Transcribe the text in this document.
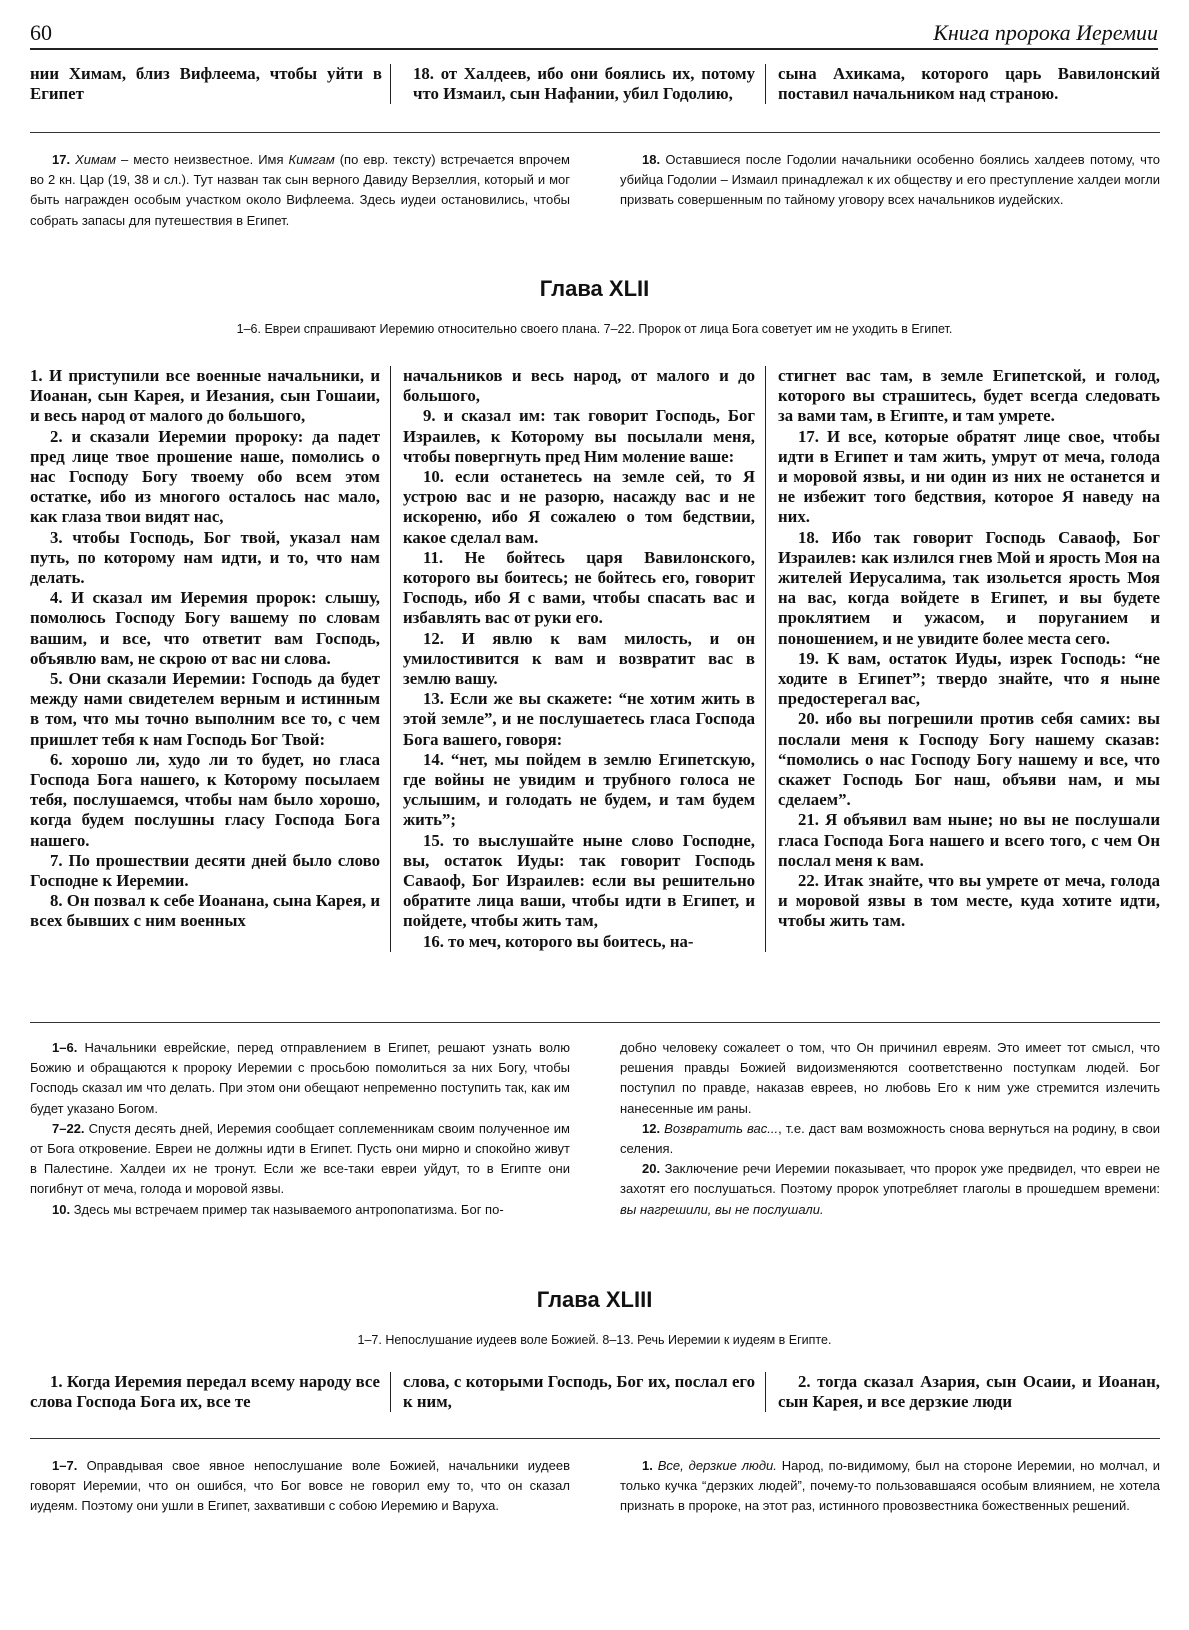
60	Книга пророка Иеремии

нии Химам, близ Вифлеема, чтобы уйти в Египет

18. от Халдеев, ибо они боялись их, потому что Измаил, сын Нафании, убил Годолию,

сына Ахикама, которого царь Вавилонский поставил начальником над страною.

17. Химам – место неизвестное. Имя Кимгам (по евр. тексту) встречается впрочем во 2 кн. Цар (19, 38 и сл.). Тут назван так сын верного Давиду Верзеллия, который и мог быть награжден особым участком около Вифлеема. Здесь иудеи остановились, чтобы собрать запасы для путешествия в Египет.

18. Оставшиеся после Годолии начальники особенно боялись халдеев потому, что убийца Годолии – Измаил принадлежал к их обществу и его преступление халдеи могли призвать совершенным по тайному уговору всех начальников иудейских.

Глава XLII
1–6. Евреи спрашивают Иеремию относительно своего плана. 7–22. Пророк от лица Бога советует им не уходить в Египет.

1. И приступили все военные начальники, и Иоанан, сын Карея, и Иезания, сын Гошаии, и весь народ от малого до большого,

2. и сказали Иеремии пророку: да падет пред лице твое прошение наше, помолись о нас Господу Богу твоему обо всем этом остатке, ибо из многого осталось нас мало, как глаза твои видят нас,

3. чтобы Господь, Бог твой, указал нам путь, по которому нам идти, и то, что нам делать.

4. И сказал им Иеремия пророк: слышу, помолюсь Господу Богу вашему по словам вашим, и все, что ответит вам Господь, объявлю вам, не скрою от вас ни слова.

5. Они сказали Иеремии: Господь да будет между нами свидетелем верным и истинным в том, что мы точно выполним все то, с чем пришлет тебя к нам Господь Бог Твой:

6. хорошо ли, худо ли то будет, но гласа Господа Бога нашего, к Которому посылаем тебя, послушаемся, чтобы нам было хорошо, когда будем послушны гласу Господа Бога нашего.

7. По прошествии десяти дней было слово Господне к Иеремии.

8. Он позвал к себе Иоанана, сына Карея, и всех бывших с ним военных

начальников и весь народ, от малого и до большого,

9. и сказал им: так говорит Господь, Бог Израилев, к Которому вы посылали меня, чтобы повергнуть пред Ним моление ваше:

10. если останетесь на земле сей, то Я устрою вас и не разорю, насажду вас и не искореню, ибо Я сожалею о том бедствии, какое сделал вам.

11. Не бойтесь царя Вавилонского, которого вы боитесь; не бойтесь его, говорит Господь, ибо Я с вами, чтобы спасать вас и избавлять вас от руки его.

12. И явлю к вам милость, и он умилостивится к вам и возвратит вас в землю вашу.

13. Если же вы скажете: “не хотим жить в этой земле”, и не послушаетесь гласа Господа Бога вашего, говоря:

14. “нет, мы пойдем в землю Египетскую, где войны не увидим и трубного голоса не услышим, и голодать не будем, и там будем жить”;

15. то выслушайте ныне слово Господне, вы, остаток Иуды: так говорит Господь Саваоф, Бог Израилев: если вы решительно обратите лица ваши, чтобы идти в Египет, и пойдете, чтобы жить там,

16. то меч, которого вы боитесь, на-

стигнет вас там, в земле Египетской, и голод, которого вы страшитесь, будет всегда следовать за вами там, в Египте, и там умрете.

17. И все, которые обратят лице свое, чтобы идти в Египет и там жить, умрут от меча, голода и моровой язвы, и ни один из них не останется и не избежит того бедствия, которое Я наведу на них.

18. Ибо так говорит Господь Саваоф, Бог Израилев: как излился гнев Мой и ярость Моя на жителей Иерусалима, так изольется ярость Моя на вас, когда войдете в Египет, и вы будете проклятием и ужасом, и поруганием и поношением, и не увидите более места сего.

19. К вам, остаток Иуды, изрек Господь: “не ходите в Египет”; твердо знайте, что я ныне предостерегал вас,

20. ибо вы погрешили против себя самих: вы послали меня к Господу Богу нашему сказав: “помолись о нас Господу Богу нашему и все, что скажет Господь Бог наш, объяви нам, и мы сделаем”.

21. Я объявил вам ныне; но вы не послушали гласа Господа Бога нашего и всего того, с чем Он послал меня к вам.

22. Итак знайте, что вы умрете от меча, голода и моровой язвы в том месте, куда хотите идти, чтобы жить там.

1–6. Начальники еврейские, перед отправлением в Египет, решают узнать волю Божию и обращаются к пророку Иеремии с просьбою помолиться за них Богу, чтобы Господь сказал им что делать. При этом они обещают непременно поступить так, как им будет указано Богом.

7–22. Спустя десять дней, Иеремия сообщает соплеменникам своим полученное им от Бога откровение. Евреи не должны идти в Египет. Пусть они мирно и спокойно живут в Палестине. Халдеи их не тронут. Если же все-таки евреи уйдут, то в Египте они погибнут от меча, голода и моровой язвы.

10. Здесь мы встречаем пример так называемого антропопатизма. Бог по-

добно человеку сожалеет о том, что Он причинил евреям. Это имеет тот смысл, что решения правды Божией видоизменяются соответственно поступкам людей. Бог поступил по правде, наказав евреев, но любовь Его к ним уже стремится излечить нанесенные им раны.

12. Возвратить вас..., т.е. даст вам возможность снова вернуться на родину, в свои селения.

20. Заключение речи Иеремии показывает, что пророк уже предвидел, что евреи не захотят его послушаться. Поэтому пророк употребляет глаголы в прошедшем времени: вы нагрешили, вы не послушали.

Глава XLIII
1–7. Непослушание иудеев воле Божией. 8–13. Речь Иеремии к иудеям в Египте.

1. Когда Иеремия передал всему народу все слова Господа Бога их, все те

слова, с которыми Господь, Бог их, послал его к ним,

2. тогда сказал Азария, сын Осаии, и Иоанан, сын Карея, и все дерзкие люди

1–7. Оправдывая свое явное непослушание воле Божией, начальники иудеев говорят Иеремии, что он ошибся, что Бог вовсе не говорил ему то, что он сказал иудеям. Поэтому они ушли в Египет, захвативши с собою Иеремию и Варуха.

1. Все, дерзкие люди. Народ, по-видимому, был на стороне Иеремии, но молчал, и только кучка “дерзких людей”, почему-то пользовавшаяся особым влиянием, не хотела признать в пророке, на этот раз, истинного провозвестника божественных решений.
